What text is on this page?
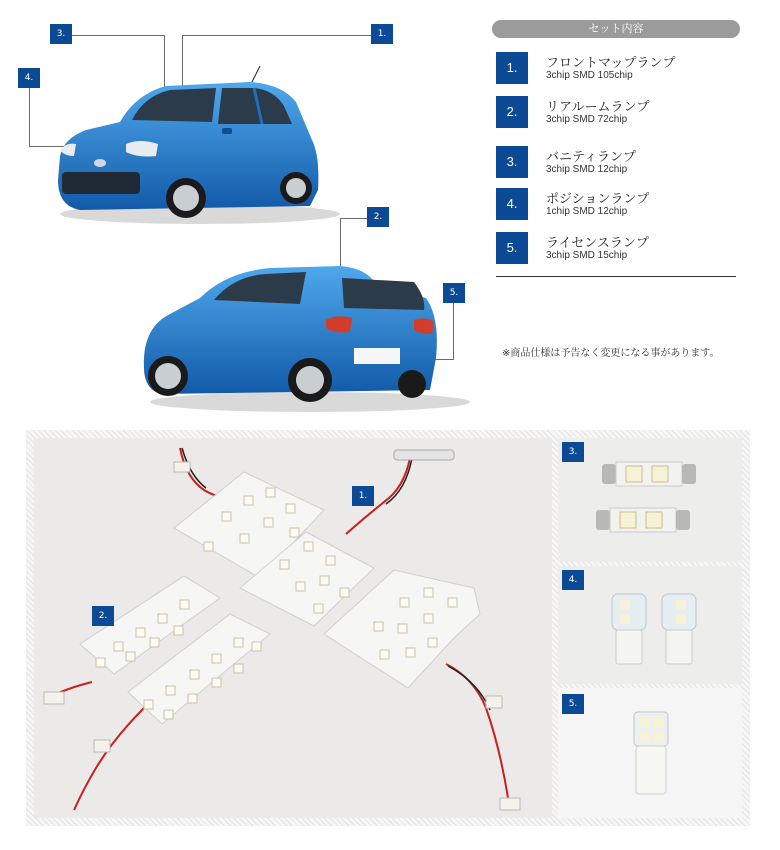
3.	1.
4.
2.
5.
セット内容
1.	フロントマップランプ
3chip SMD 105chip
2.	リアルームランプ
3chip SMD 72chip
3.	バニティランプ
3chip SMD 12chip
4.	ポジションランプ
1chip SMD 12chip
5.	ライセンスランプ
3chip SMD 15chip
※商品仕様は予告なく変更になる事があります。
1.
2.
3.
4.
5.
